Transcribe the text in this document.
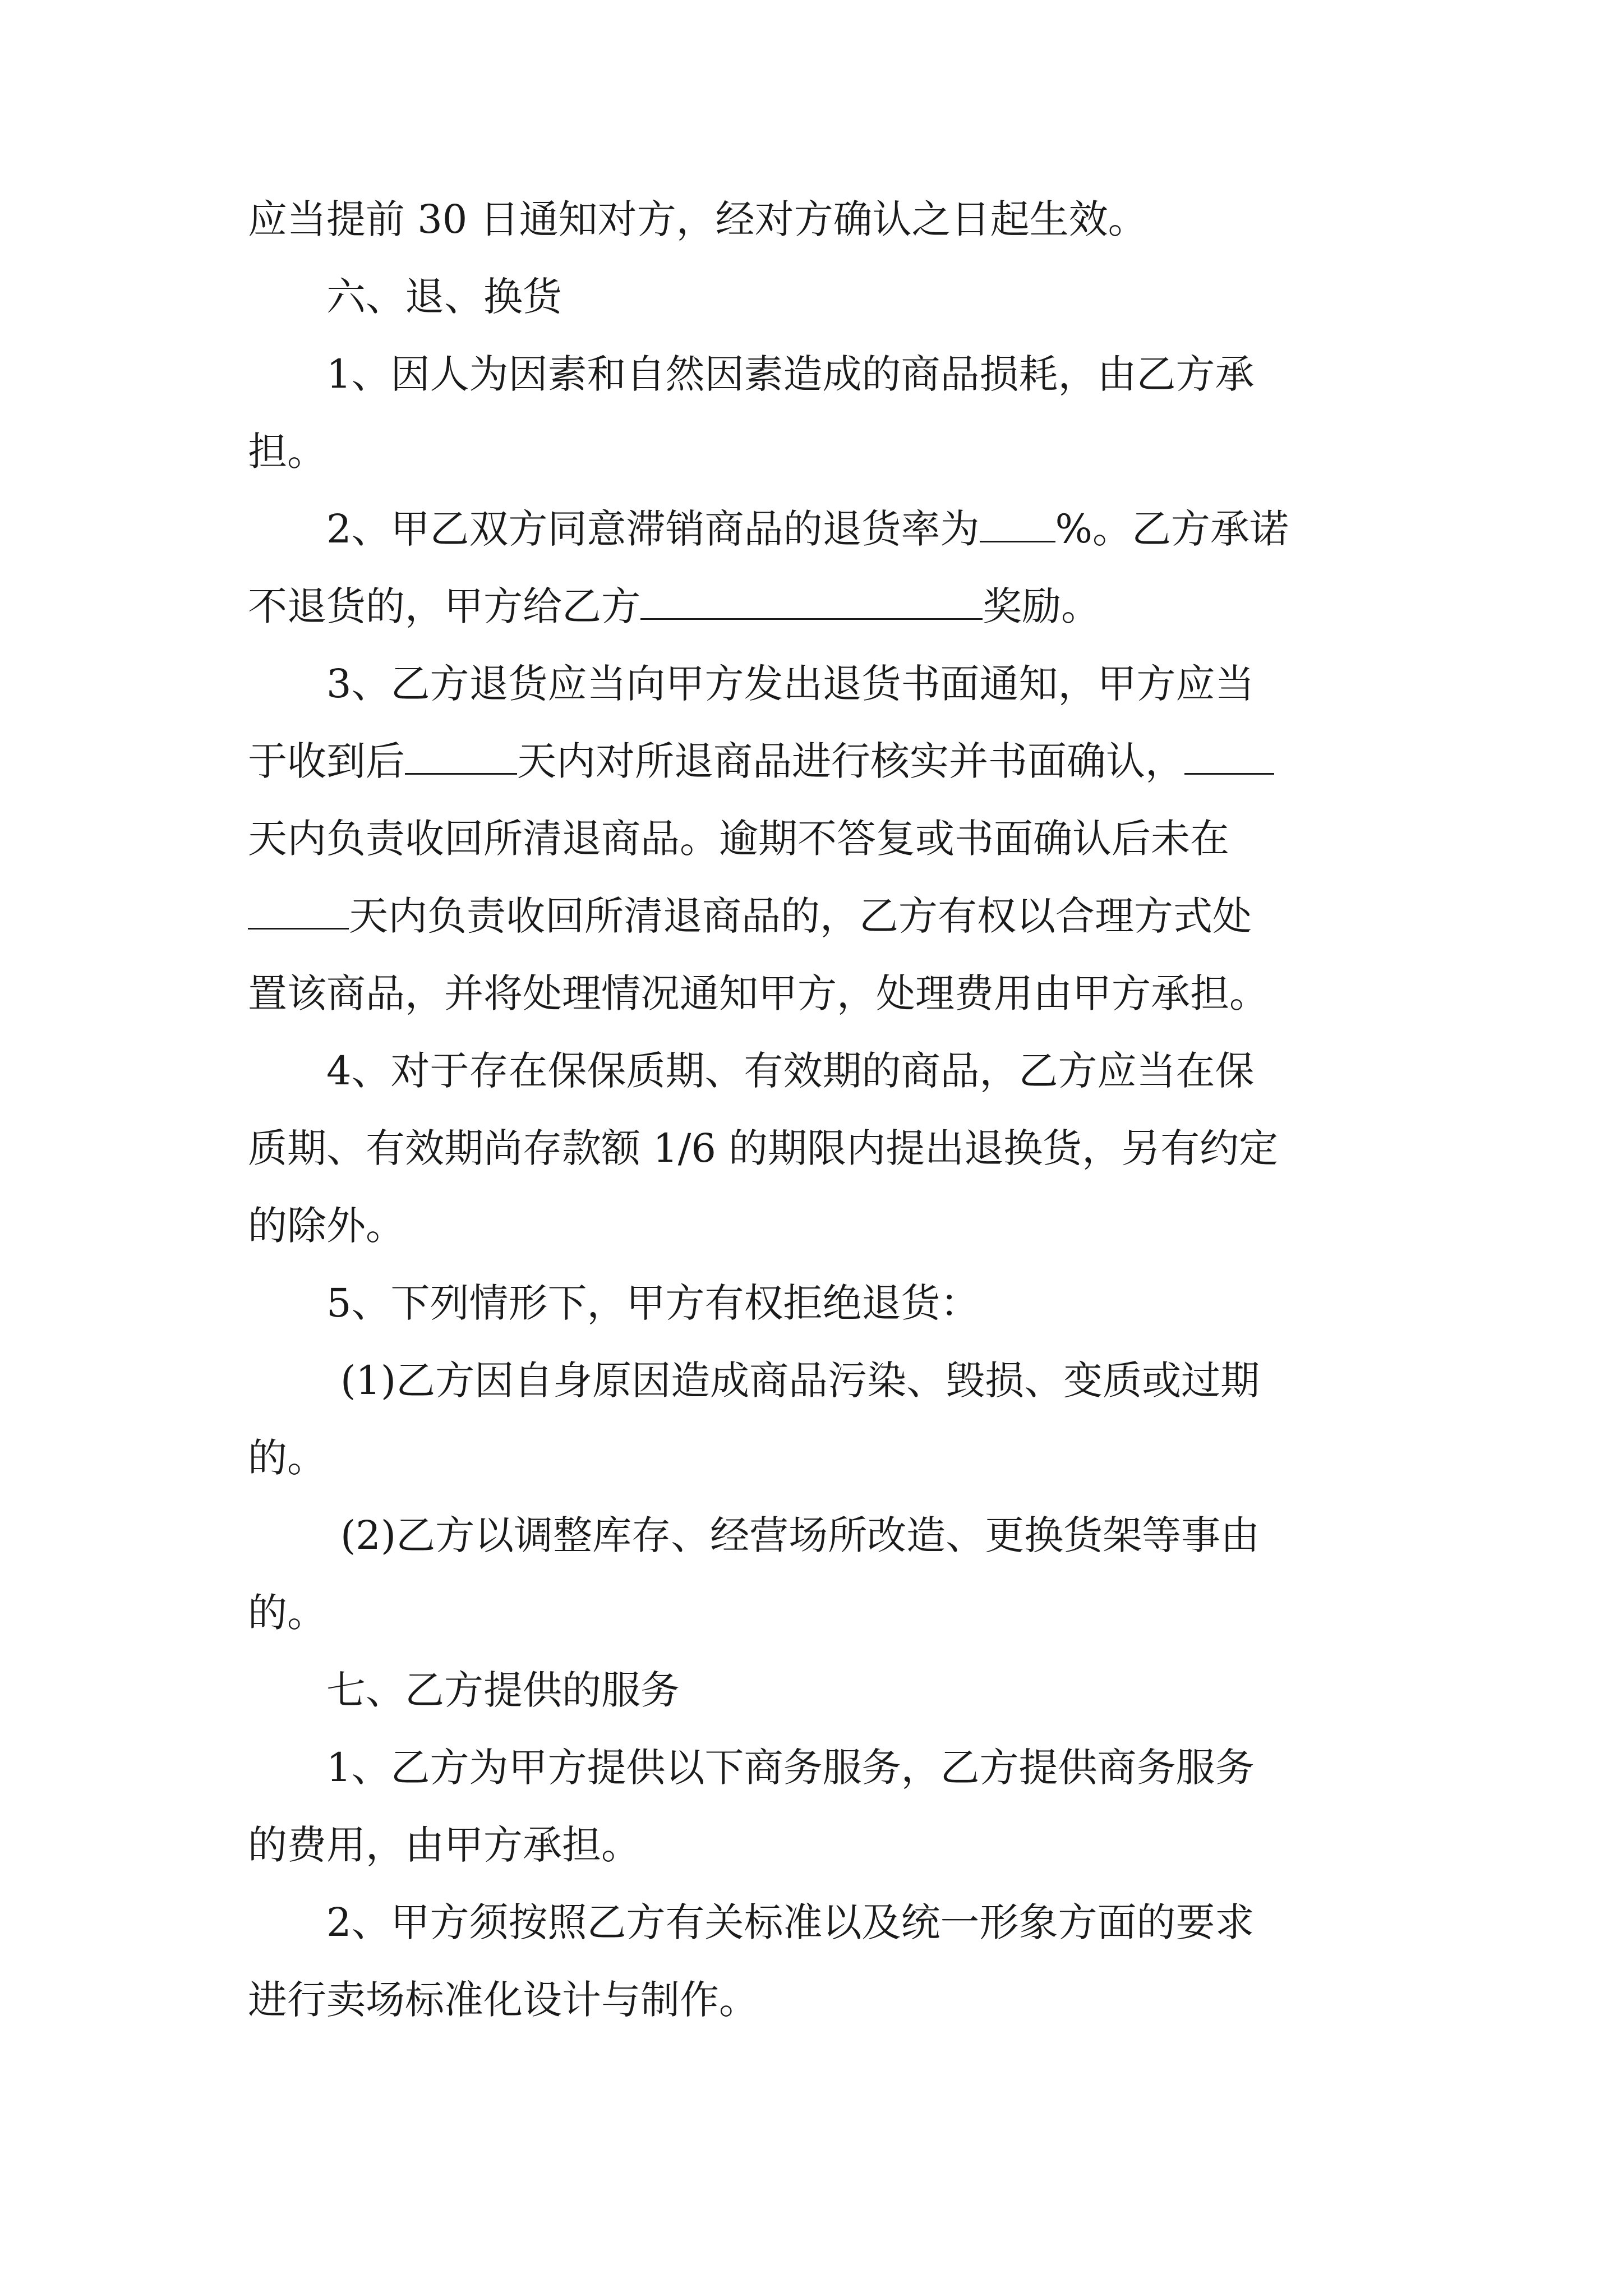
应当提前 30 日通知对方，经对方确认之日起生效。
六、退、换货
1、因人为因素和自然因素造成的商品损耗，由乙方承
担。
2、甲乙双方同意滞销商品的退货率为 %。乙方承诺
不退货的，甲方给乙方	奖励。
3、乙方退货应当向甲方发出退货书面通知，甲方应当
于收到后	天内对所退商品进行核实并书面确认，
天内负责收回所清退商品。逾期不答复或书面确认后未在
天内负责收回所清退商品的，乙方有权以合理方式处
置该商品，并将处理情况通知甲方，处理费用由甲方承担。
4、对于存在保保质期、有效期的商品，乙方应当在保
质期、有效期尚存款额 1/6 的期限内提出退换货，另有约定
的除外。
5、下列情形下，甲方有权拒绝退货：
(1)乙方因自身原因造成商品污染、毁损、变质或过期
的。
(2)乙方以调整库存、经营场所改造、更换货架等事由
的。
七、乙方提供的服务
1、乙方为甲方提供以下商务服务，乙方提供商务服务
的费用，由甲方承担。
2、甲方须按照乙方有关标准以及统一形象方面的要求
进行卖场标准化设计与制作。
